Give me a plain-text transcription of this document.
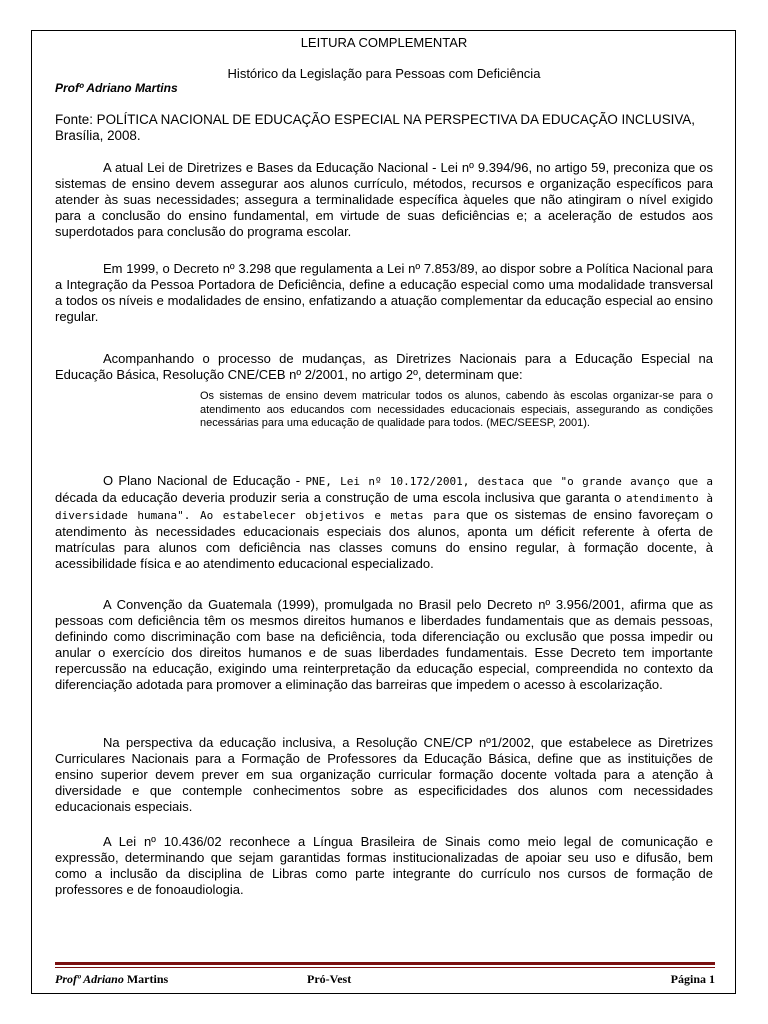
LEITURA COMPLEMENTAR
Histórico da Legislação para Pessoas com Deficiência
Profº Adriano Martins
Fonte: POLÍTICA NACIONAL DE EDUCAÇÃO ESPECIAL NA PERSPECTIVA DA EDUCAÇÃO INCLUSIVA, Brasília, 2008.

A atual Lei de Diretrizes e Bases da Educação Nacional - Lei nº 9.394/96, no artigo 59, preconiza que os sistemas de ensino devem assegurar aos alunos currículo, métodos, recursos e organização específicos para atender às suas necessidades; assegura a terminalidade específica àqueles que não atingiram o nível exigido para a conclusão do ensino fundamental, em virtude de suas deficiências e; a aceleração de estudos aos superdotados para conclusão do programa escolar.

Em 1999, o Decreto nº 3.298 que regulamenta a Lei nº 7.853/89, ao dispor sobre a Política Nacional para a Integração da Pessoa Portadora de Deficiência, define a educação especial como uma modalidade transversal a todos os níveis e modalidades de ensino, enfatizando a atuação complementar da educação especial ao ensino regular.

Acompanhando o processo de mudanças, as Diretrizes Nacionais para a Educação Especial na Educação Básica, Resolução CNE/CEB nº 2/2001, no artigo 2º, determinam que:

Os sistemas de ensino devem matricular todos os alunos, cabendo às escolas organizar-se para o atendimento aos educandos com necessidades educacionais especiais, assegurando as condições necessárias para uma educação de qualidade para todos. (MEC/SEESP, 2001).

O Plano Nacional de Educação - PNE, Lei nº 10.172/2001, destaca que "o grande avanço que a década da educação deveria produzir seria a construção de uma escola inclusiva que garanta o atendimento à diversidade humana". Ao estabelecer objetivos e metas para que os sistemas de ensino favoreçam o atendimento às necessidades educacionais especiais dos alunos, aponta um déficit referente à oferta de matrículas para alunos com deficiência nas classes comuns do ensino regular, à formação docente, à acessibilidade física e ao atendimento educacional especializado.

A Convenção da Guatemala (1999), promulgada no Brasil pelo Decreto nº 3.956/2001, afirma que as pessoas com deficiência têm os mesmos direitos humanos e liberdades fundamentais que as demais pessoas, definindo como discriminação com base na deficiência, toda diferenciação ou exclusão que possa impedir ou anular o exercício dos direitos humanos e de suas liberdades fundamentais. Esse Decreto tem importante repercussão na educação, exigindo uma reinterpretação da educação especial, compreendida no contexto da diferenciação adotada para promover a eliminação das barreiras que impedem o acesso à escolarização.

Na perspectiva da educação inclusiva, a Resolução CNE/CP nº1/2002, que estabelece as Diretrizes Curriculares Nacionais para a Formação de Professores da Educação Básica, define que as instituições de ensino superior devem prever em sua organização curricular formação docente voltada para a atenção à diversidade e que contemple conhecimentos sobre as especificidades dos alunos com necessidades educacionais especiais.

A Lei nº 10.436/02 reconhece a Língua Brasileira de Sinais como meio legal de comunicação e expressão, determinando que sejam garantidas formas institucionalizadas de apoiar seu uso e difusão, bem como a inclusão da disciplina de Libras como parte integrante do currículo nos cursos de formação de professores e de fonoaudiologia.

Profº Adriano Martins	Pró-Vest	Página 1
